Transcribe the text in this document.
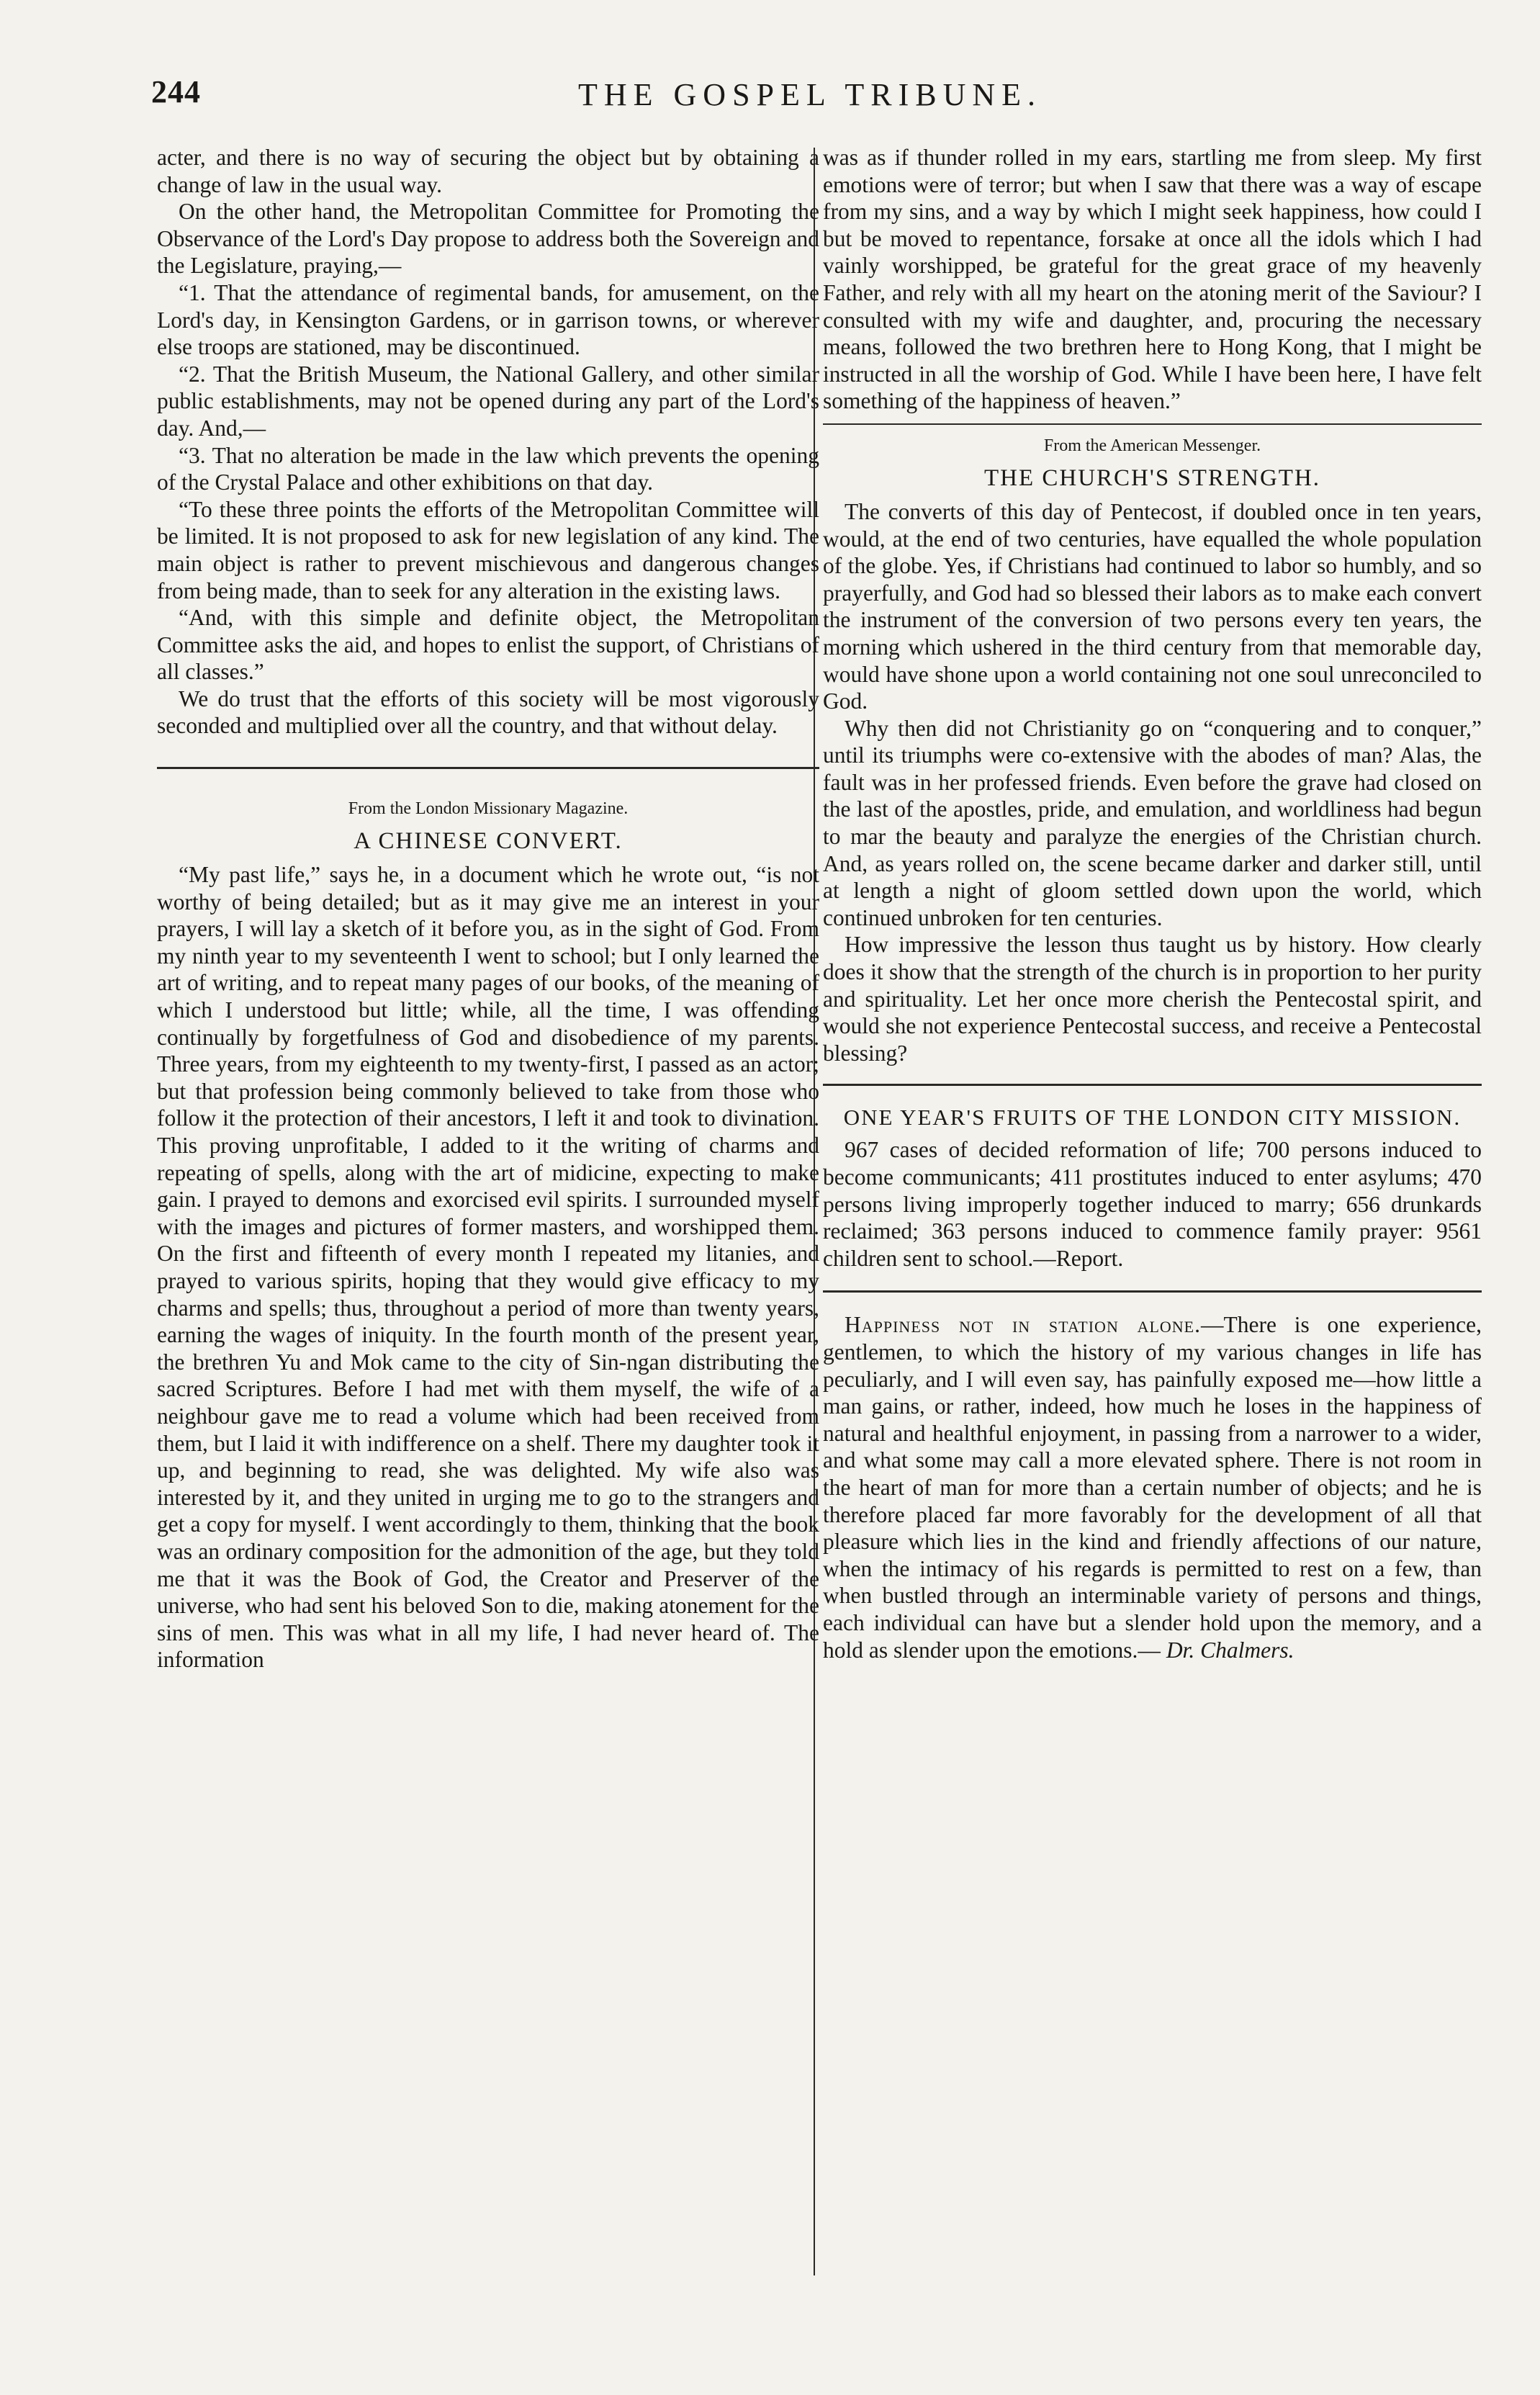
244	THE GOSPEL TRIBUNE.

acter, and there is no way of securing the object but by obtaining a change of law in the usual way.

On the other hand, the Metropolitan Committee for Promoting the Observance of the Lord's Day propose to address both the Sovereign and the Legislature, praying,—

“1. That the attendance of regimental bands, for amusement, on the Lord's day, in Kensington Gardens, or in garrison towns, or wherever else troops are stationed, may be discontinued.

“2. That the British Museum, the National Gallery, and other similar public establishments, may not be opened during any part of the Lord's day. And,—

“3. That no alteration be made in the law which prevents the opening of the Crystal Palace and other exhibitions on that day.

“To these three points the efforts of the Metropolitan Committee will be limited. It is not proposed to ask for new legislation of any kind. The main object is rather to prevent mischievous and dangerous changes from being made, than to seek for any alteration in the existing laws.

“And, with this simple and definite object, the Metropolitan Committee asks the aid, and hopes to enlist the support, of Christians of all classes.”

We do trust that the efforts of this society will be most vigorously seconded and multiplied over all the country, and that without delay.

From the London Missionary Magazine.

A CHINESE CONVERT.

“My past life,” says he, in a document which he wrote out, “is not worthy of being detailed; but as it may give me an interest in your prayers, I will lay a sketch of it before you, as in the sight of God. From my ninth year to my seventeenth I went to school; but I only learned the art of writing, and to repeat many pages of our books, of the meaning of which I understood but little; while, all the time, I was offending continually by forgetfulness of God and disobedience of my parents. Three years, from my eighteenth to my twenty-first, I passed as an actor; but that profession being commonly believed to take from those who follow it the protection of their ancestors, I left it and took to divination. This proving unprofitable, I added to it the writing of charms and repeating of spells, along with the art of midicine, expecting to make gain. I prayed to demons and exorcised evil spirits. I surrounded myself with the images and pictures of former masters, and worshipped them. On the first and fifteenth of every month I repeated my litanies, and prayed to various spirits, hoping that they would give efficacy to my charms and spells; thus, throughout a period of more than twenty years, earning the wages of iniquity. In the fourth month of the present year, the brethren Yu and Mok came to the city of Sin-ngan distributing the sacred Scriptures. Before I had met with them myself, the wife of a neighbour gave me to read a volume which had been received from them, but I laid it with indifference on a shelf. There my daughter took it up, and beginning to read, she was delighted. My wife also was interested by it, and they united in urging me to go to the strangers and get a copy for myself. I went accordingly to them, thinking that the book was an ordinary composition for the admonition of the age, but they told me that it was the Book of God, the Creator and Preserver of the universe, who had sent his beloved Son to die, making atonement for the sins of men. This was what in all my life, I had never heard of. The information

was as if thunder rolled in my ears, startling me from sleep. My first emotions were of terror; but when I saw that there was a way of escape from my sins, and a way by which I might seek happiness, how could I but be moved to repentance, forsake at once all the idols which I had vainly worshipped, be grateful for the great grace of my heavenly Father, and rely with all my heart on the atoning merit of the Saviour? I consulted with my wife and daughter, and, procuring the necessary means, followed the two brethren here to Hong Kong, that I might be instructed in all the worship of God. While I have been here, I have felt something of the happiness of heaven.”

From the American Messenger.

THE CHURCH'S STRENGTH.

The converts of this day of Pentecost, if doubled once in ten years, would, at the end of two centuries, have equalled the whole population of the globe. Yes, if Christians had continued to labor so humbly, and so prayerfully, and God had so blessed their labors as to make each convert the instrument of the conversion of two persons every ten years, the morning which ushered in the third century from that memorable day, would have shone upon a world containing not one soul unreconciled to God.

Why then did not Christianity go on “conquering and to conquer,” until its triumphs were co-extensive with the abodes of man? Alas, the fault was in her professed friends. Even before the grave had closed on the last of the apostles, pride, and emulation, and worldliness had begun to mar the beauty and paralyze the energies of the Christian church. And, as years rolled on, the scene became darker and darker still, until at length a night of gloom settled down upon the world, which continued unbroken for ten centuries.

How impressive the lesson thus taught us by history. How clearly does it show that the strength of the church is in proportion to her purity and spirituality. Let her once more cherish the Pentecostal spirit, and would she not experience Pentecostal success, and receive a Pentecostal blessing?

ONE YEAR'S FRUITS OF THE LONDON CITY MISSION.

967 cases of decided reformation of life; 700 persons induced to become communicants; 411 prostitutes induced to enter asylums; 470 persons living improperly together induced to marry; 656 drunkards reclaimed; 363 persons induced to commence family prayer: 9561 children sent to school.—Report.

Happiness not in station alone.—There is one experience, gentlemen, to which the history of my various changes in life has peculiarly, and I will even say, has painfully exposed me—how little a man gains, or rather, indeed, how much he loses in the happiness of natural and healthful enjoyment, in passing from a narrower to a wider, and what some may call a more elevated sphere. There is not room in the heart of man for more than a certain number of objects; and he is therefore placed far more favorably for the development of all that pleasure which lies in the kind and friendly affections of our nature, when the intimacy of his regards is permitted to rest on a few, than when bustled through an interminable variety of persons and things, each individual can have but a slender hold upon the memory, and a hold as slender upon the emotions.— Dr. Chalmers.
